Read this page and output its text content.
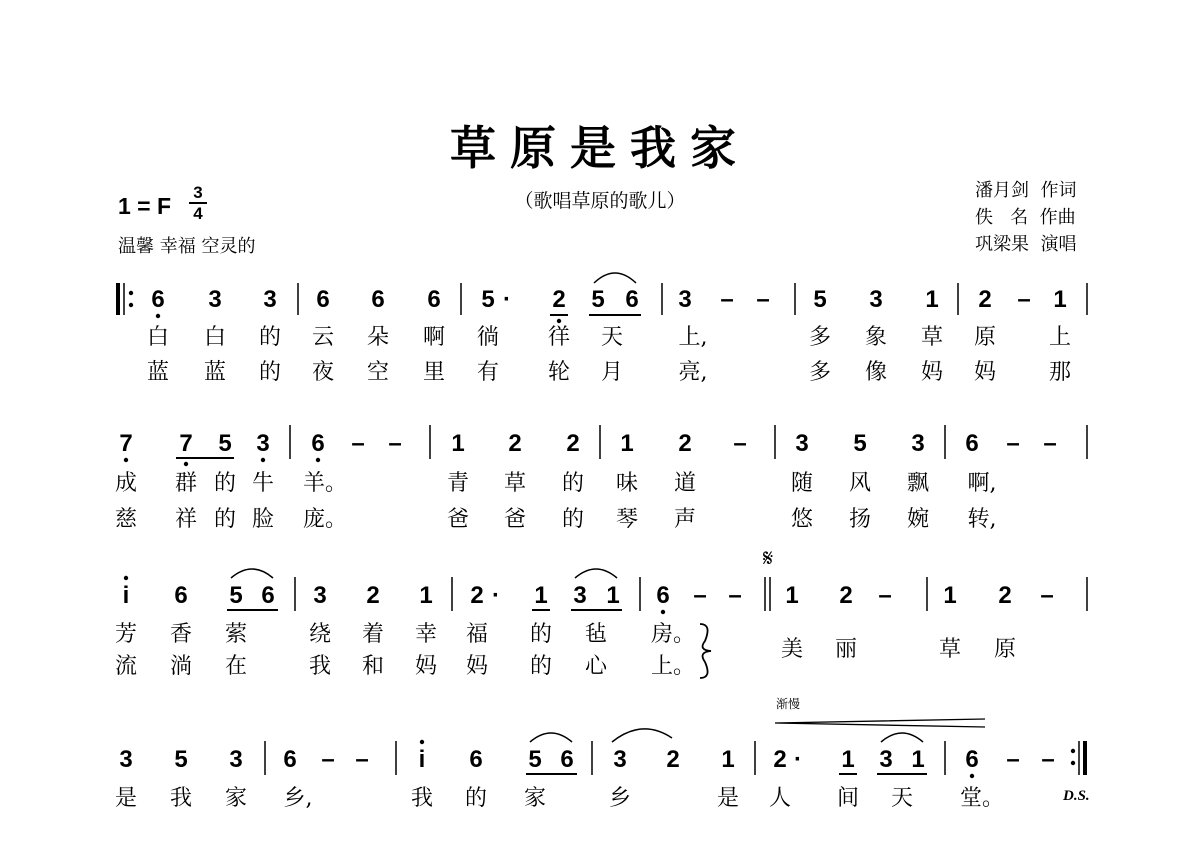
草原是我家
（歌唱草原的歌儿）
1 = F
3
4
温馨 幸福 空灵的
潘月剑  作词
佚   名  作曲
巩梁果  演唱
6 3 3 6 6 6 5 · 2 5 6 3 – – 5 3 1 2 – 1
白 白 的 云 朵 啊 徜 徉 天	上,	多 象 草 原 上
蓝 蓝 的 夜 空 里 有 轮 月	亮,	多 像 妈 妈 那
7 7 5 3 6 – – 1 2 2 1 2 – 3 5 3 6 – –
成 群 的 牛 羊。	青 草 的 味 道	随 风 飘 啊,
慈 祥 的 脸 庞。	爸 爸 的 琴 声	悠 扬 婉 转,
𝄋
i 6 5 6 3 2 1 2 · 1 3 1 6 – – 1 2 – 1 2 –
芳 香 萦	绕 着 幸 福 的 毡 房。
流 淌 在	我 和 妈 妈 的 心 上。
美 丽	草 原
渐慢
3 5 3 6 – – i 6 5 6 3 2 1 2 · 1 3 1 6 – –
是 我 家 乡,	我 的 家	乡	是 人 间 天 堂。	D.S.
